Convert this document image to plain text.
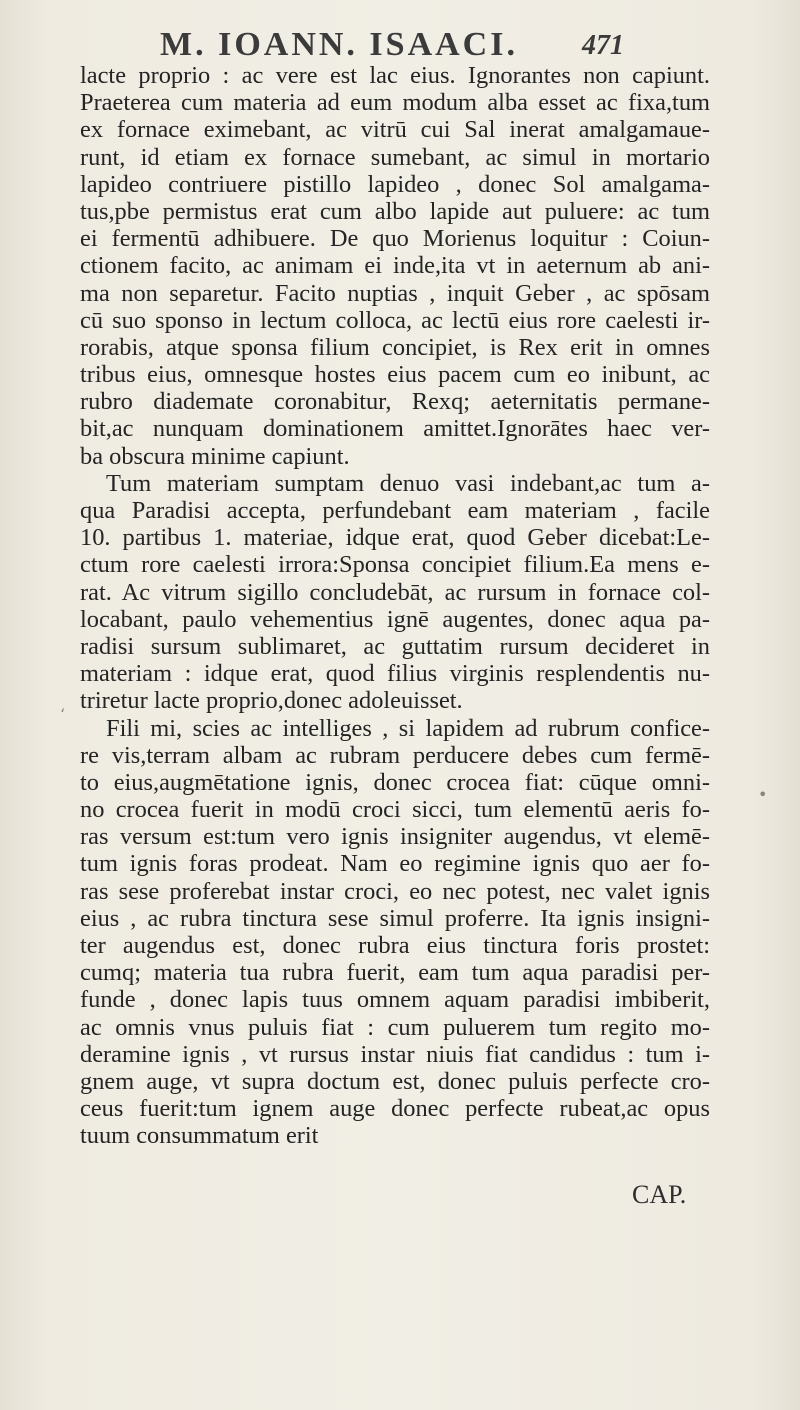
M. IOANN. ISAACI. 471
lacte proprio : ac vere est lac eius. Ignorantes non capiunt.
Praeterea cum materia ad eum modum alba esset ac fixa,tum
ex fornace eximebant, ac vitrū cui Sal inerat amalgamaue-
runt, id etiam ex fornace sumebant, ac simul in mortario
lapideo contriuere pistillo lapideo , donec Sol amalgama-
tus,pbe permistus erat cum albo lapide aut puluere: ac tum
ei fermentū adhibuere. De quo Morienus loquitur : Coiun-
ctionem facito, ac animam ei inde,ita vt in aeternum ab ani-
ma non separetur. Facito nuptias , inquit Geber , ac spōsam
cū suo sponso in lectum colloca, ac lectū eius rore caelesti ir-
rorabis, atque sponsa filium concipiet, is Rex erit in omnes
tribus eius, omnesque hostes eius pacem cum eo inibunt, ac
rubro diademate coronabitur, Rexq; aeternitatis permane-
bit,ac nunquam dominationem amittet.Ignorātes haec ver-
ba obscura minime capiunt.
Tum materiam sumptam denuo vasi indebant,ac tum a-
qua Paradisi accepta, perfundebant eam materiam , facile
10. partibus 1. materiae, idque erat, quod Geber dicebat:Le-
ctum rore caelesti irrora:Sponsa concipiet filium.Ea mens e-
rat. Ac vitrum sigillo concludebāt, ac rursum in fornace col-
locabant, paulo vehementius ignē augentes, donec aqua pa-
radisi sursum sublimaret, ac guttatim rursum decideret in
materiam : idque erat, quod filius virginis resplendentis nu-
triretur lacte proprio,donec adoleuisset.
Fili mi, scies ac intelliges , si lapidem ad rubrum confice-
re vis,terram albam ac rubram perducere debes cum fermē-
to eius,augmētatione ignis, donec crocea fiat: cūque omni-
no crocea fuerit in modū croci sicci, tum elementū aeris fo-
ras versum est:tum vero ignis insigniter augendus, vt elemē-
tum ignis foras prodeat. Nam eo regimine ignis quo aer fo-
ras sese proferebat instar croci, eo nec potest, nec valet ignis
eius , ac rubra tinctura sese simul proferre. Ita ignis insigni-
ter augendus est, donec rubra eius tinctura foris prostet:
cumq; materia tua rubra fuerit, eam tum aqua paradisi per-
funde , donec lapis tuus omnem aquam paradisi imbiberit,
ac omnis vnus puluis fiat : cum puluerem tum regito mo-
deramine ignis , vt rursus instar niuis fiat candidus : tum i-
gnem auge, vt supra doctum est, donec puluis perfecte cro-
ceus fuerit:tum ignem auge donec perfecte rubeat,ac opus
tuum consummatum erit
CAP.
‘
•
